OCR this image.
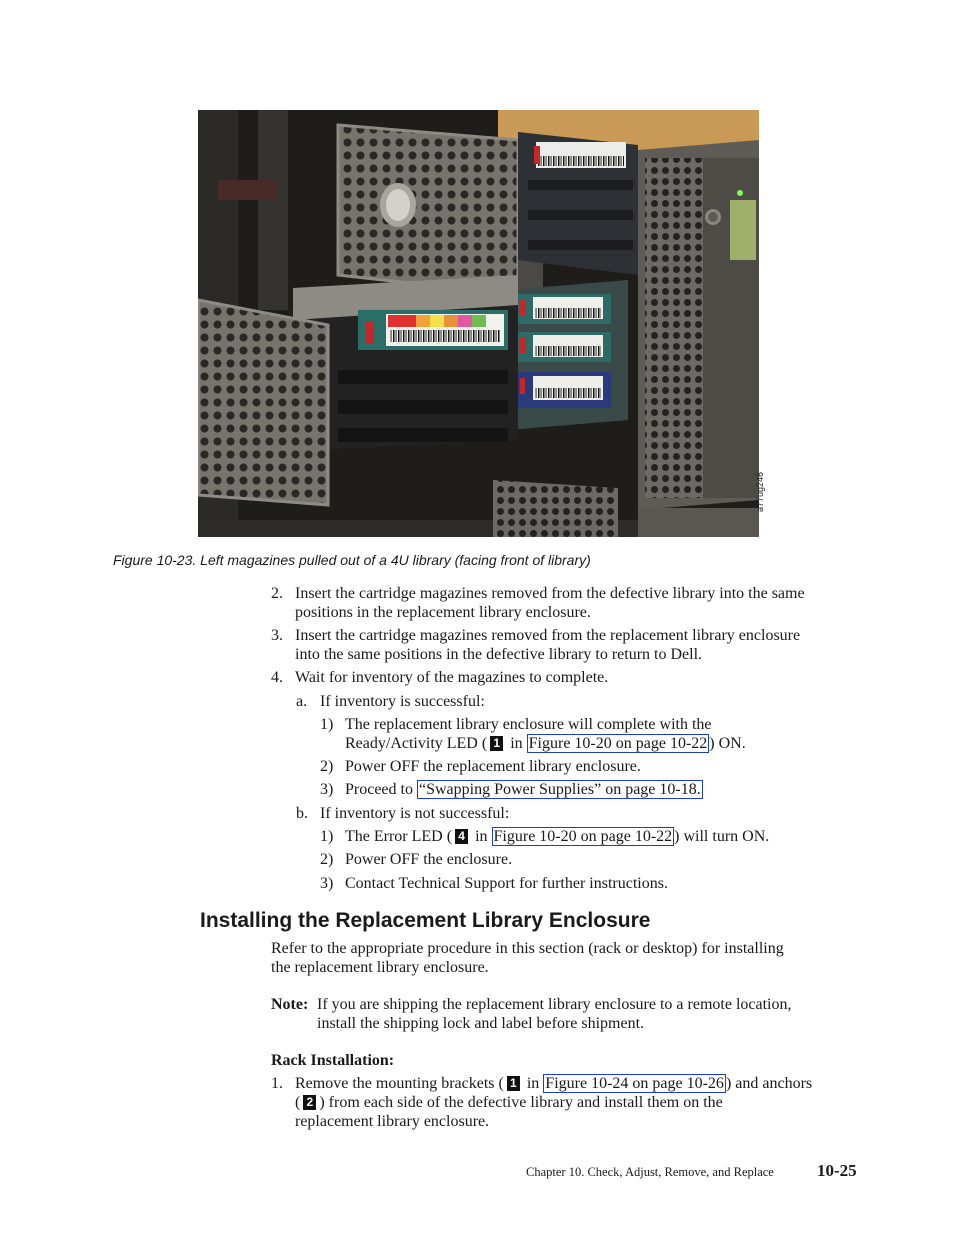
a77ug246
Figure 10-23. Left magazines pulled out of a 4U library (facing front of library)
2. Insert the cartridge magazines removed from the defective library into the same
positions in the replacement library enclosure.
3. Insert the cartridge magazines removed from the replacement library enclosure
into the same positions in the defective library to return to Dell.
4. Wait for inventory of the magazines to complete.
a. If inventory is successful:
1) The replacement library enclosure will complete with the
Ready/Activity LED ( 1 in Figure 10-20 on page 10-22 ) ON.
2) Power OFF the replacement library enclosure.
3) Proceed to “Swapping Power Supplies” on page 10-18.
b. If inventory is not successful:
1) The Error LED ( 4 in Figure 10-20 on page 10-22 ) will turn ON.
2) Power OFF the enclosure.
3) Contact Technical Support for further instructions.
Installing the Replacement Library Enclosure
Refer to the appropriate procedure in this section (rack or desktop) for installing
the replacement library enclosure.
Note: If you are shipping the replacement library enclosure to a remote location,
install the shipping lock and label before shipment.
Rack Installation:
1. Remove the mounting brackets ( 1 in Figure 10-24 on page 10-26 ) and anchors
( 2 ) from each side of the defective library and install them on the
replacement library enclosure.
Chapter 10. Check, Adjust, Remove, and Replace	10-25
